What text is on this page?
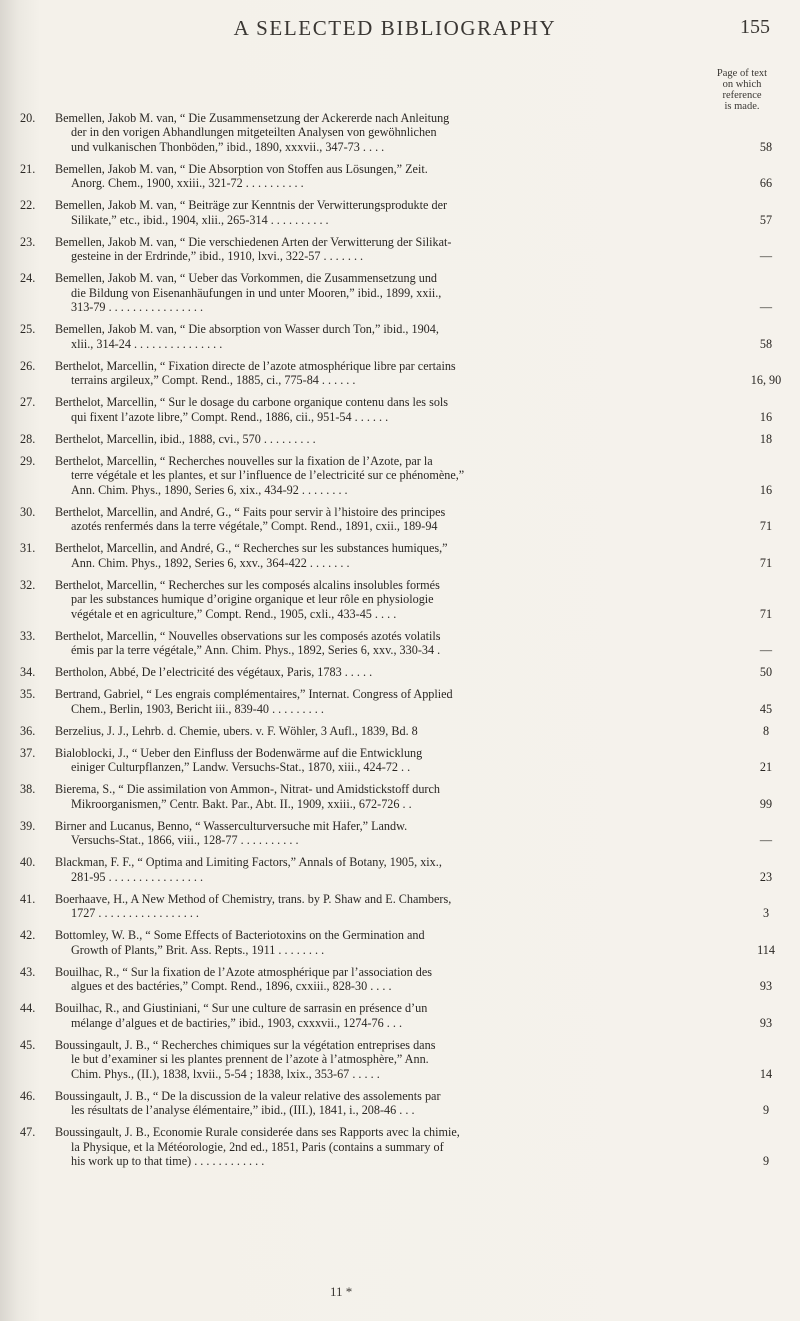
A SELECTED BIBLIOGRAPHY	155
Page of text
on which
reference
is made.
20.	Bemellen, Jakob M. van, “ Die Zusammensetzung der Ackererde nach Anleitung
der in den vorigen Abhandlungen mitgeteilten Analysen von gewöhnlichen
und vulkanischen Thonböden,” ibid., 1890, xxxvii., 347-73 . . . .	58
21.	Bemellen, Jakob M. van, “ Die Absorption von Stoffen aus Lösungen,” Zeit.
Anorg. Chem., 1900, xxiii., 321-72 . . . . . . . . . .	66
22.	Bemellen, Jakob M. van, “ Beiträge zur Kenntnis der Verwitterungsprodukte der
Silikate,” etc., ibid., 1904, xlii., 265-314 . . . . . . . . . .	57
23.	Bemellen, Jakob M. van, “ Die verschiedenen Arten der Verwitterung der Silikat-
gesteine in der Erdrinde,” ibid., 1910, lxvi., 322-57 . . . . . . .	—
24.	Bemellen, Jakob M. van, “ Ueber das Vorkommen, die Zusammensetzung und
die Bildung von Eisenanhäufungen in und unter Mooren,” ibid., 1899, xxii.,
313-79 . . . . . . . . . . . . . . . .	—
25.	Bemellen, Jakob M. van, “ Die absorption von Wasser durch Ton,” ibid., 1904,
xlii., 314-24 . . . . . . . . . . . . . . .	58
26.	Berthelot, Marcellin, “ Fixation directe de l’azote atmosphérique libre par certains
terrains argileux,” Compt. Rend., 1885, ci., 775-84 . . . . . .	16, 90
27.	Berthelot, Marcellin, “ Sur le dosage du carbone organique contenu dans les sols
qui fixent l’azote libre,” Compt. Rend., 1886, cii., 951-54 . . . . . .	16
28.	Berthelot, Marcellin, ibid., 1888, cvi., 570 . . . . . . . . .	18
29.	Berthelot, Marcellin, “ Recherches nouvelles sur la fixation de l’Azote, par la
terre végétale et les plantes, et sur l’influence de l’electricité sur ce phénomène,”
Ann. Chim. Phys., 1890, Series 6, xix., 434-92 . . . . . . . .	16
30.	Berthelot, Marcellin, and André, G., “ Faits pour servir à l’histoire des principes
azotés renfermés dans la terre végétale,” Compt. Rend., 1891, cxii., 189-94	71
31.	Berthelot, Marcellin, and André, G., “ Recherches sur les substances humiques,”
Ann. Chim. Phys., 1892, Series 6, xxv., 364-422 . . . . . . .	71
32.	Berthelot, Marcellin, “ Recherches sur les composés alcalins insolubles formés
par les substances humique d’origine organique et leur rôle en physiologie
végétale et en agriculture,” Compt. Rend., 1905, cxli., 433-45 . . . .	71
33.	Berthelot, Marcellin, “ Nouvelles observations sur les composés azotés volatils
émis par la terre végétale,” Ann. Chim. Phys., 1892, Series 6, xxv., 330-34 .	—
34.	Bertholon, Abbé, De l’electricité des végétaux, Paris, 1783 . . . . .	50
35.	Bertrand, Gabriel, “ Les engrais complémentaires,” Internat. Congress of Applied
Chem., Berlin, 1903, Bericht iii., 839-40 . . . . . . . . .	45
36.	Berzelius, J. J., Lehrb. d. Chemie, ubers. v. F. Wöhler, 3 Aufl., 1839, Bd. 8	8
37.	Bialoblocki, J., “ Ueber den Einfluss der Bodenwärme auf die Entwicklung
einiger Culturpflanzen,” Landw. Versuchs-Stat., 1870, xiii., 424-72 . .	21
38.	Bierema, S., “ Die assimilation von Ammon-, Nitrat- und Amidstickstoff durch
Mikroorganismen,” Centr. Bakt. Par., Abt. II., 1909, xxiii., 672-726 . .	99
39.	Birner and Lucanus, Benno, “ Wasserculturversuche mit Hafer,” Landw.
Versuchs-Stat., 1866, viii., 128-77 . . . . . . . . . .	—
40.	Blackman, F. F., “ Optima and Limiting Factors,” Annals of Botany, 1905, xix.,
281-95 . . . . . . . . . . . . . . . .	23
41.	Boerhaave, H., A New Method of Chemistry, trans. by P. Shaw and E. Chambers,
1727 . . . . . . . . . . . . . . . . .	3
42.	Bottomley, W. B., “ Some Effects of Bacteriotoxins on the Germination and
Growth of Plants,” Brit. Ass. Repts., 1911 . . . . . . . .	114
43.	Bouilhac, R., “ Sur la fixation de l’Azote atmosphérique par l’association des
algues et des bactéries,” Compt. Rend., 1896, cxxiii., 828-30 . . . .	93
44.	Bouilhac, R., and Giustiniani, “ Sur une culture de sarrasin en présence d’un
mélange d’algues et de bactiries,” ibid., 1903, cxxxvii., 1274-76 . . .	93
45.	Boussingault, J. B., “ Recherches chimiques sur la végétation entreprises dans
le but d’examiner si les plantes prennent de l’azote à l’atmosphère,” Ann.
Chim. Phys., (II.), 1838, lxvii., 5-54 ; 1838, lxix., 353-67 . . . . .	14
46.	Boussingault, J. B., “ De la discussion de la valeur relative des assolements par
les résultats de l’analyse élémentaire,” ibid., (III.), 1841, i., 208-46 . . .	9
47.	Boussingault, J. B., Economie Rurale considerée dans ses Rapports avec la chimie,
la Physique, et la Météorologie, 2nd ed., 1851, Paris (contains a summary of
his work up to that time) . . . . . . . . . . . .	9
11 *
